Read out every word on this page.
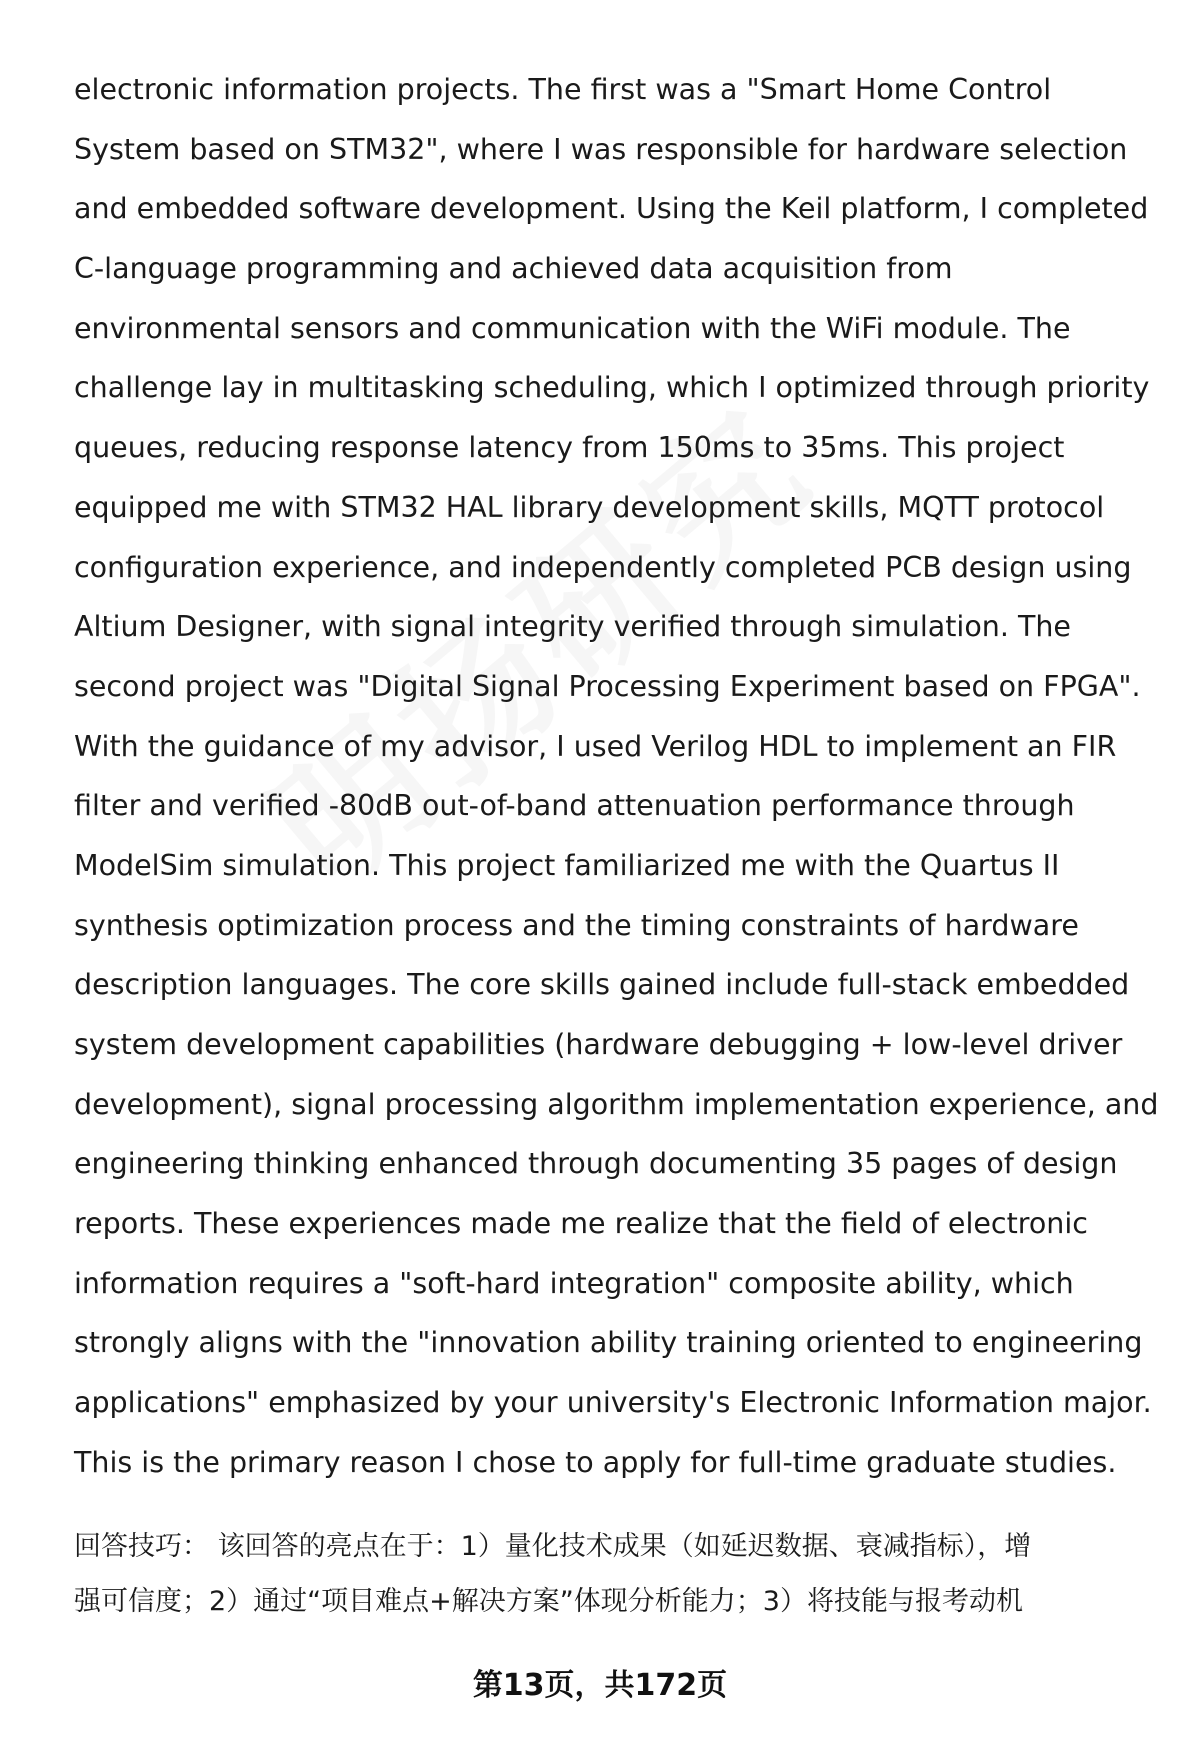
electronic information projects. The first was a "Smart Home Control
System based on STM32", where I was responsible for hardware selection
and embedded software development. Using the Keil platform, I completed
C-language programming and achieved data acquisition from
environmental sensors and communication with the WiFi module. The
challenge lay in multitasking scheduling, which I optimized through priority
queues, reducing response latency from 150ms to 35ms. This project
equipped me with STM32 HAL library development skills, MQTT protocol
configuration experience, and independently completed PCB design using
Altium Designer, with signal integrity verified through simulation. The
second project was "Digital Signal Processing Experiment based on FPGA".
With the guidance of my advisor, I used Verilog HDL to implement an FIR
filter and verified -80dB out-of-band attenuation performance through
ModelSim simulation. This project familiarized me with the Quartus II
synthesis optimization process and the timing constraints of hardware
description languages. The core skills gained include full-stack embedded
system development capabilities (hardware debugging + low-level driver
development), signal processing algorithm implementation experience, and
engineering thinking enhanced through documenting 35 pages of design
reports. These experiences made me realize that the field of electronic
information requires a "soft-hard integration" composite ability, which
strongly aligns with the "innovation ability training oriented to engineering
applications" emphasized by your university's Electronic Information major.
This is the primary reason I chose to apply for full-time graduate studies.
回答技巧： 该回答的亮点在于：1）量化技术成果（如延迟数据、衰减指标），增
强可信度；2）通过“项目难点+解决方案”体现分析能力；3）将技能与报考动机
第13页，共172页
